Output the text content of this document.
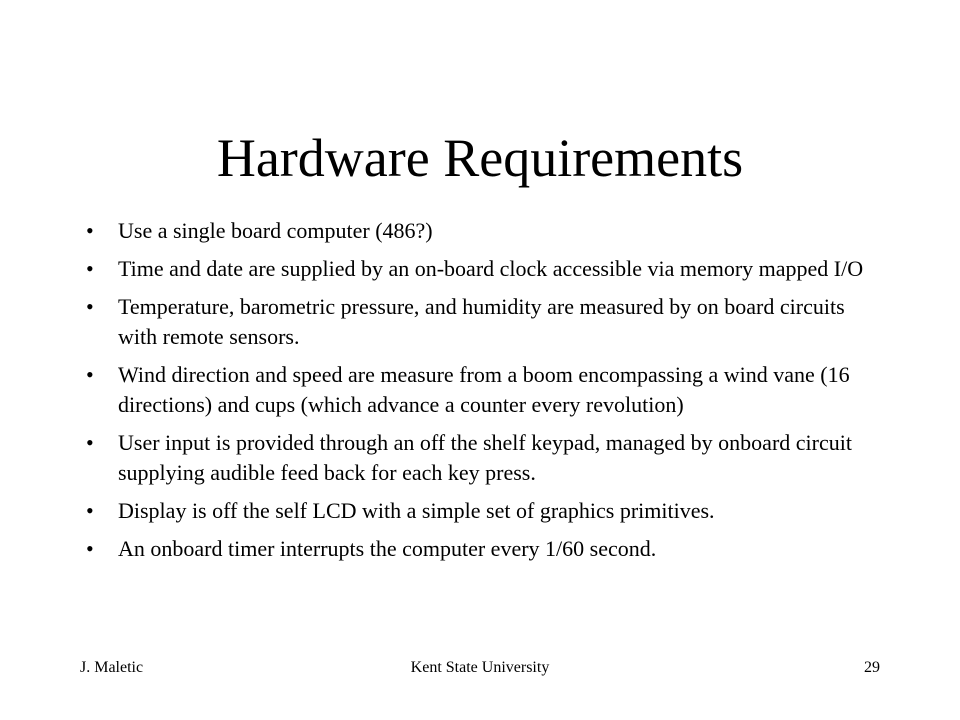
Hardware Requirements
•	Use a single board computer (486?)
•	Time and date are supplied by an on-board clock accessible via memory mapped I/O
•	Temperature, barometric pressure, and humidity are measured by on board circuits with remote sensors.
•	Wind direction and speed are measure from a boom encompassing a wind vane (16 directions) and cups (which advance a counter every revolution)
•	User input is provided through an off the shelf keypad, managed by onboard circuit supplying audible feed back for each key press.
•	Display is off the self LCD with a simple set of graphics primitives.
•	An onboard timer interrupts the computer every 1/60 second.
J. Maletic	Kent State University	29
